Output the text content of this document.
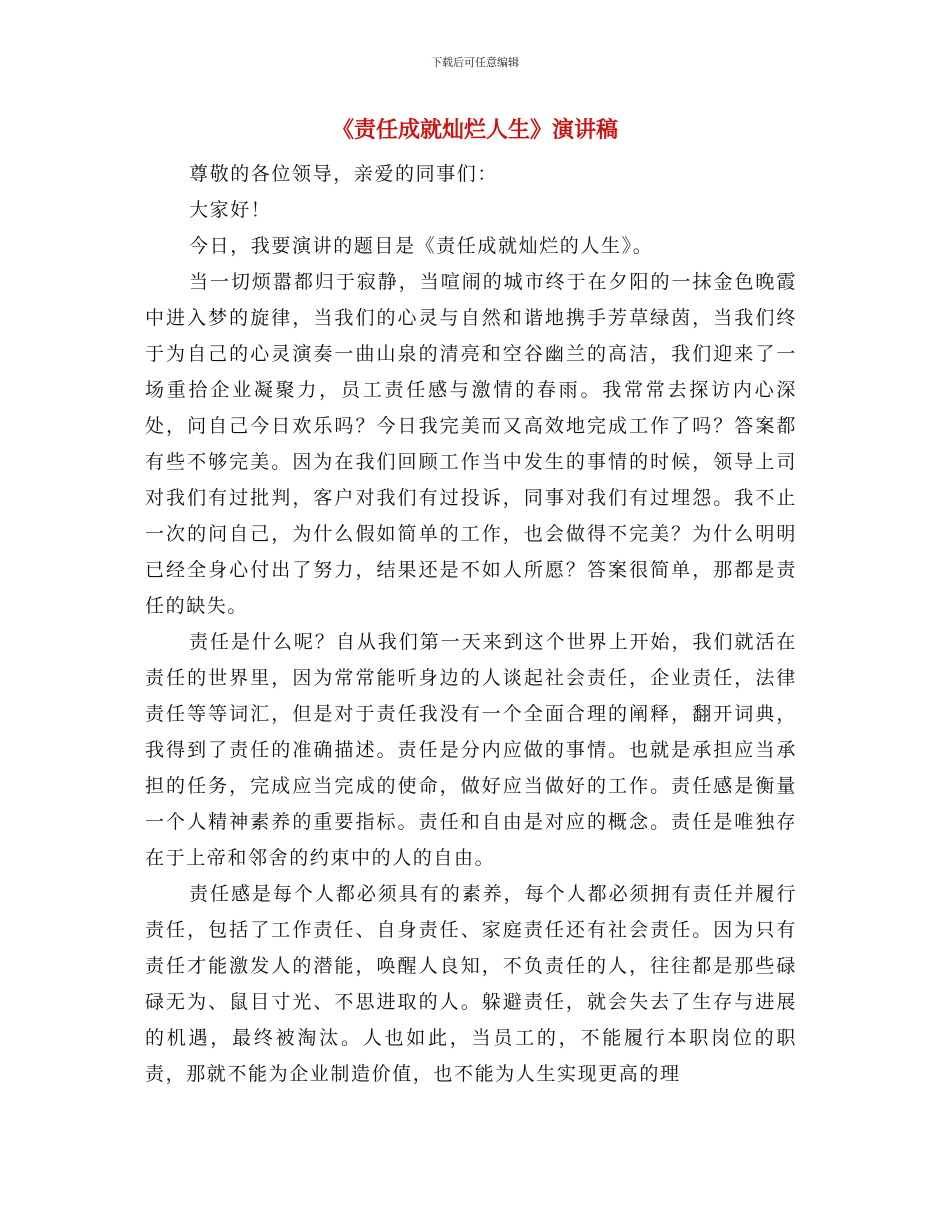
下载后可任意编辑
《责任成就灿烂人生》演讲稿

尊敬的各位领导，亲爱的同事们：

大家好！

今日，我要演讲的题目是《责任成就灿烂的人生》。

当一切烦嚣都归于寂静，当喧闹的城市终于在夕阳的一抹金色晚霞中进入梦的旋律，当我们的心灵与自然和谐地携手芳草绿茵，当我们终于为自己的心灵演奏一曲山泉的清亮和空谷幽兰的高洁，我们迎来了一场重拾企业凝聚力，员工责任感与激情的春雨。我常常去探访内心深处，问自己今日欢乐吗？今日我完美而又高效地完成工作了吗？答案都有些不够完美。因为在我们回顾工作当中发生的事情的时候，领导上司对我们有过批判，客户对我们有过投诉，同事对我们有过埋怨。我不止一次的问自己，为什么假如简单的工作，也会做得不完美？为什么明明已经全身心付出了努力，结果还是不如人所愿？答案很简单，那都是责任的缺失。

责任是什么呢？自从我们第一天来到这个世界上开始，我们就活在责任的世界里，因为常常能听身边的人谈起社会责任，企业责任，法律责任等等词汇，但是对于责任我没有一个全面合理的阐释，翻开词典，我得到了责任的准确描述。责任是分内应做的事情。也就是承担应当承担的任务，完成应当完成的使命，做好应当做好的工作。责任感是衡量一个人精神素养的重要指标。责任和自由是对应的概念。责任是唯独存在于上帝和邻舍的约束中的人的自由。

责任感是每个人都必须具有的素养，每个人都必须拥有责任并履行责任，包括了工作责任、自身责任、家庭责任还有社会责任。因为只有责任才能激发人的潜能，唤醒人良知，不负责任的人，往往都是那些碌碌无为、鼠目寸光、不思进取的人。躲避责任，就会失去了生存与进展的机遇，最终被淘汰。人也如此，当员工的，不能履行本职岗位的职责，那就不能为企业制造价值，也不能为人生实现更高的理
